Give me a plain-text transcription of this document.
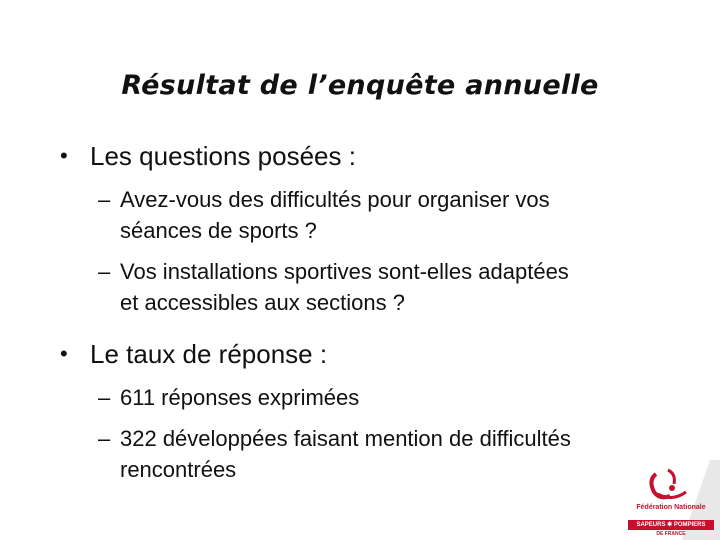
Résultat de l’enquête annuelle
• Les questions posées :
– Avez-vous des difficultés pour organiser vos
séances de sports ?
– Vos installations sportives sont-elles adaptées
et accessibles aux sections ?
• Le taux de réponse :
– 611 réponses exprimées
– 322 développées faisant mention de difficultés
rencontrées
Fédération Nationale
SAPEURS ✱ POMPIERS
DE FRANCE
